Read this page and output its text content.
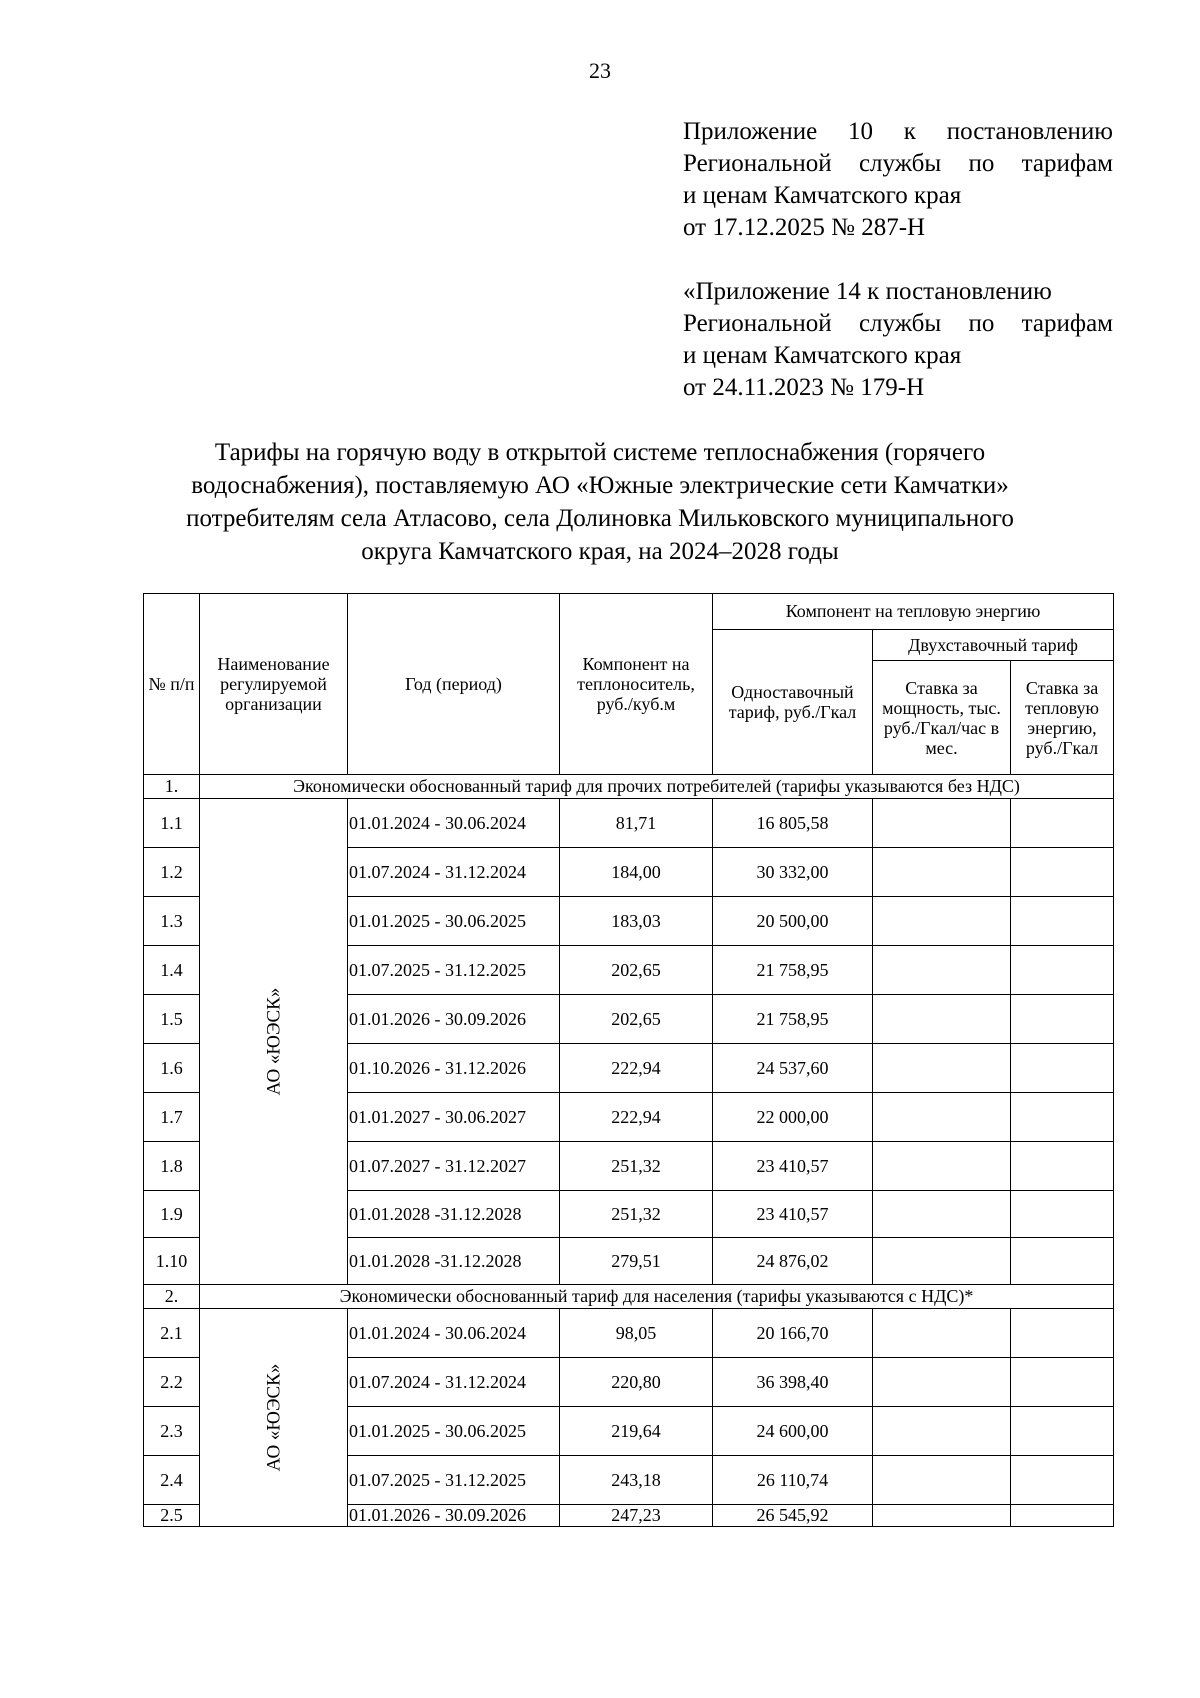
23
Приложение 10 к постановлению
Региональной службы по тарифам
и ценам Камчатского края
от 17.12.2025 № 287-Н
«Приложение 14 к постановлению
Региональной службы по тарифам
и ценам Камчатского края
от 24.11.2023 № 179-Н
Тарифы на горячую воду в открытой системе теплоснабжения (горячего
водоснабжения), поставляемую АО «Южные электрические сети Камчатки»
потребителям села Атласово, села Долиновка Мильковского муниципального
округа Камчатского края, на 2024–2028 годы
№ п/п	Наименование регулируемой организации	Год (период)	Компонент на теплоноситель, руб./куб.м	Компонент на тепловую энергию		
				Одноставочный тариф, руб./Гкал	Двухставочный тариф	
					Ставка за мощность, тыс. руб./Гкал/час в мес.	Ставка за тепловую энергию, руб./Гкал
1.	Экономически обоснованный тариф для прочих потребителей (тарифы указываются без НДС)					
1.1	АО «ЮЭСК»	01.01.2024 - 30.06.2024	81,71	16 805,58		
1.2		01.07.2024 - 31.12.2024	184,00	30 332,00		
1.3		01.01.2025 - 30.06.2025	183,03	20 500,00		
1.4		01.07.2025 - 31.12.2025	202,65	21 758,95		
1.5		01.01.2026 - 30.09.2026	202,65	21 758,95		
1.6		01.10.2026 - 31.12.2026	222,94	24 537,60		
1.7		01.01.2027 - 30.06.2027	222,94	22 000,00		
1.8		01.07.2027 - 31.12.2027	251,32	23 410,57		
1.9		01.01.2028 -31.12.2028	251,32	23 410,57		
1.10		01.01.2028 -31.12.2028	279,51	24 876,02		
2.	Экономически обоснованный тариф для населения (тарифы указываются с НДС)*					
2.1	АО «ЮЭСК»	01.01.2024 - 30.06.2024	98,05	20 166,70		
2.2		01.07.2024 - 31.12.2024	220,80	36 398,40		
2.3		01.01.2025 - 30.06.2025	219,64	24 600,00		
2.4		01.07.2025 - 31.12.2025	243,18	26 110,74		
2.5		01.01.2026 - 30.09.2026	247,23	26 545,92		
